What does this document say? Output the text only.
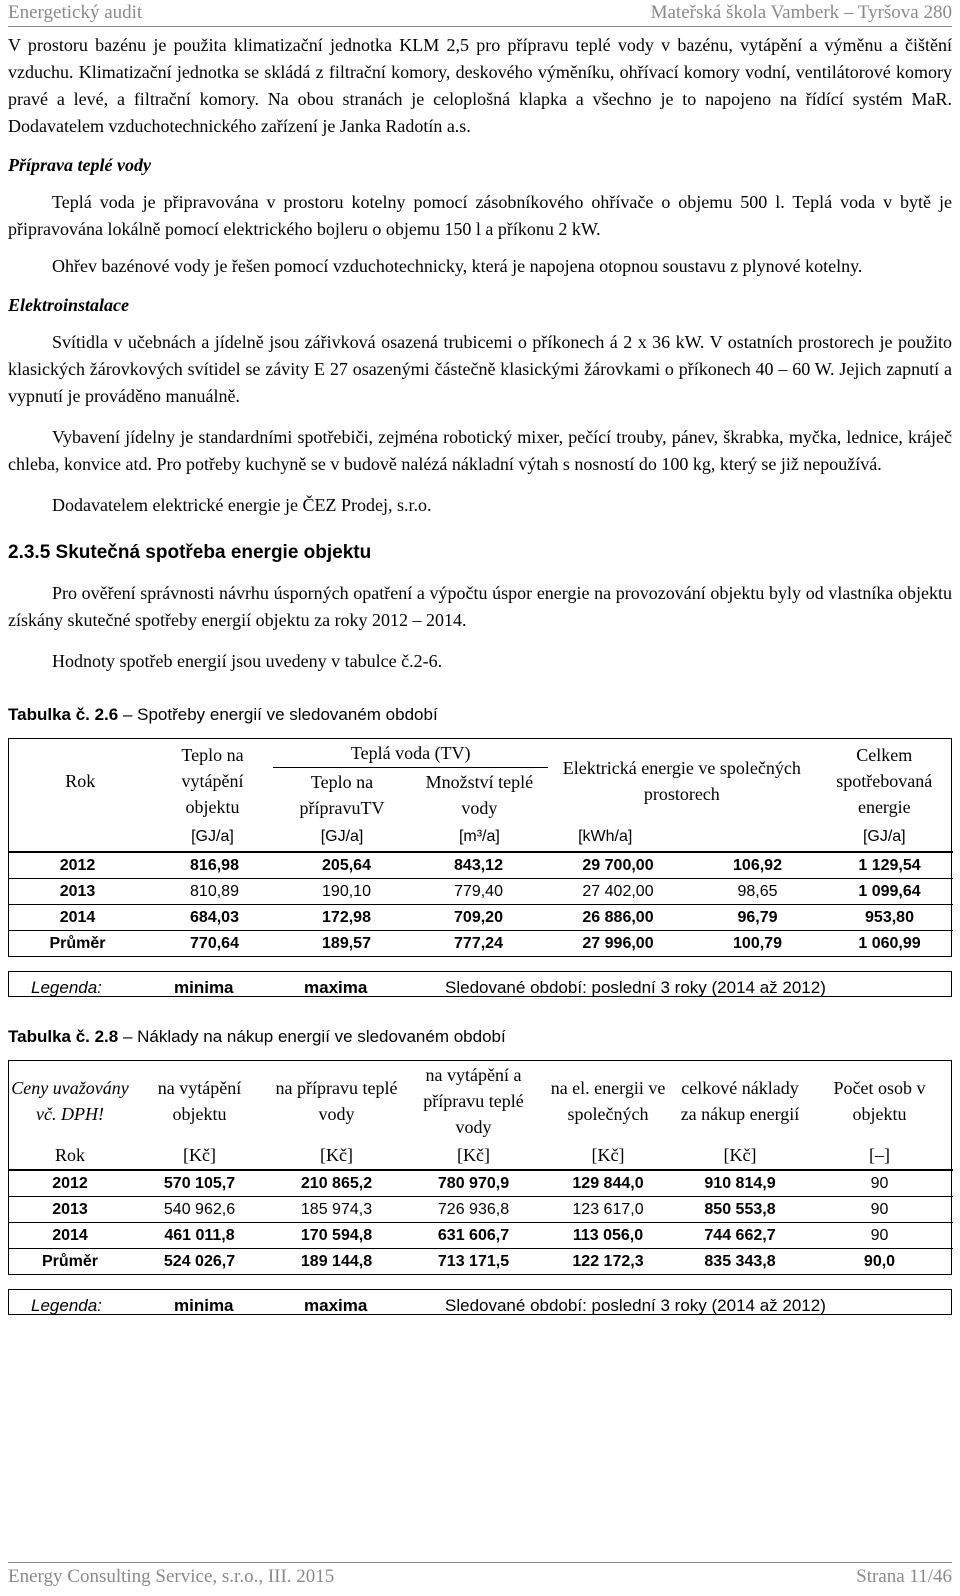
Energetický audit	Mateřská škola Vamberk – Tyršova 280

V prostoru bazénu je použita klimatizační jednotka KLM 2,5 pro přípravu teplé vody v bazénu, vytápění a výměnu a čištění vzduchu. Klimatizační jednotka se skládá z filtrační komory, deskového výměníku, ohřívací komory vodní, ventilátorové komory pravé a levé, a filtrační komory. Na obou stranách je celoplošná klapka a všechno je to napojeno na řídící systém MaR. Dodavatelem vzduchotechnického zařízení je Janka Radotín a.s.

Příprava teplé vody

Teplá voda je připravována v prostoru kotelny pomocí zásobníkového ohřívače o objemu 500 l. Teplá voda v bytě je připravována lokálně pomocí elektrického bojleru o objemu 150 l a příkonu 2 kW.

Ohřev bazénové vody je řešen pomocí vzduchotechnicky, která je napojena otopnou soustavu z plynové kotelny.

Elektroinstalace

Svítidla v učebnách a jídelně jsou zářivková osazená trubicemi o příkonech á 2 x 36 kW. V ostatních prostorech je použito klasických žárovkových svítidel se závity E 27 osazenými částečně klasickými žárovkami o příkonech 40 – 60 W. Jejich zapnutí a vypnutí je prováděno manuálně.

Vybavení jídelny je standardními spotřebiči, zejména robotický mixer, pečící trouby, pánev, škrabka, myčka, lednice, kráječ chleba, konvice atd. Pro potřeby kuchyně se v budově nalézá nákladní výtah s nosností do 100 kg, který se již nepoužívá.

Dodavatelem elektrické energie je ČEZ Prodej, s.r.o.

2.3.5 Skutečná spotřeba energie objektu

Pro ověření správnosti návrhu úsporných opatření a výpočtu úspor energie na provozování objektu byly od vlastníka objektu získány skutečné spotřeby energií objektu za roky 2012 – 2014.

Hodnoty spotřeb energií jsou uvedeny v tabulce č.2-6.

Tabulka č. 2.6 – Spotřeby energií ve sledovaném období
Rok	Teplo na vytápění objektu	Teplá voda (TV)		Elektrická energie ve společných prostorech	Celkem spotřebovaná energie
		Teplo na přípravuTV	Množství teplé vody		
	[GJ/a]	[GJ/a]	[m³/a]	[kWh/a]	[GJ/a]
2012	816,98	205,64	843,12	29 700,00	106,92	1 129,54
2013	810,89	190,10	779,40	27 402,00	98,65	1 099,64
2014	684,03	172,98	709,20	26 886,00	96,79	953,80
Průměr	770,64	189,57	777,24	27 996,00	100,79	1 060,99
Legenda:	minima	maxima	Sledované období: poslední 3 roky (2014 až 2012)
Tabulka č. 2.8 – Náklady na nákup energií ve sledovaném období
Ceny uvažovány vč. DPH!	na vytápění objektu	na přípravu teplé vody	na vytápění a přípravu teplé vody	na el. energii ve společných	celkové náklady za nákup energií	Počet osob v objektu
Rok	[Kč]	[Kč]	[Kč]	[Kč]	[Kč]	[–]
2012	570 105,7	210 865,2	780 970,9	129 844,0	910 814,9	90
2013	540 962,6	185 974,3	726 936,8	123 617,0	850 553,8	90
2014	461 011,8	170 594,8	631 606,7	113 056,0	744 662,7	90
Průměr	524 026,7	189 144,8	713 171,5	122 172,3	835 343,8	90,0
Legenda:	minima	maxima	Sledované období: poslední 3 roky (2014 až 2012)
Energy Consulting Service, s.r.o., III. 2015	Strana 11/46
